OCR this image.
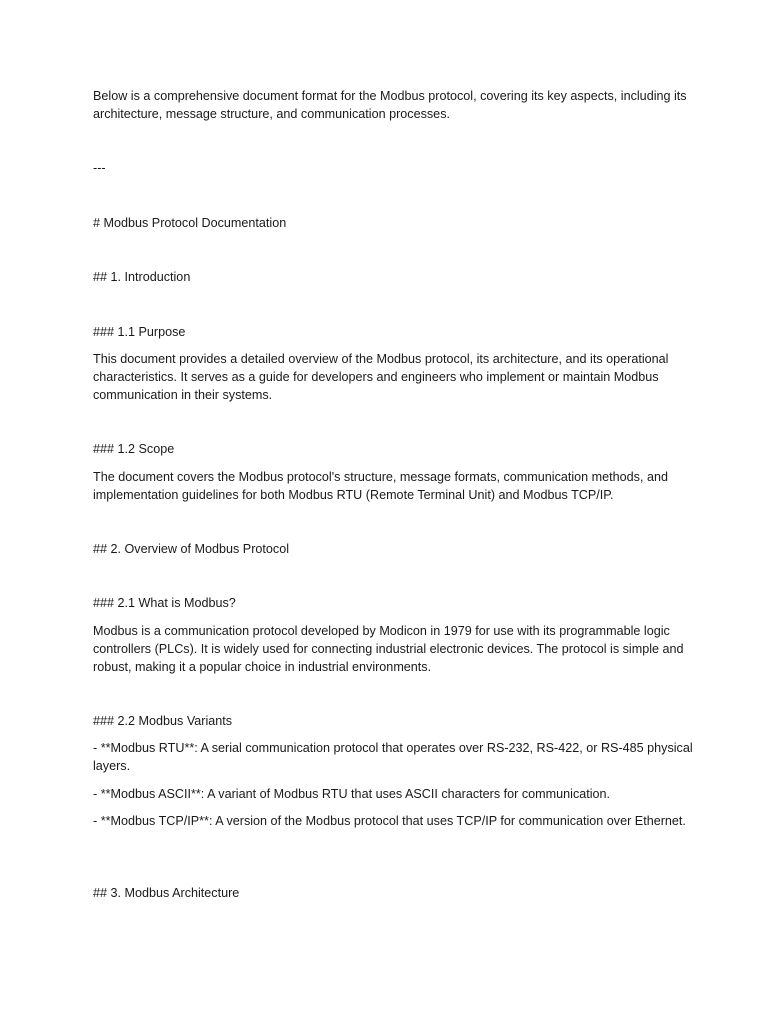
Below is a comprehensive document format for the Modbus protocol, covering its key aspects, including its architecture, message structure, and communication processes.
---
# Modbus Protocol Documentation
## 1. Introduction
### 1.1 Purpose
This document provides a detailed overview of the Modbus protocol, its architecture, and its operational characteristics. It serves as a guide for developers and engineers who implement or maintain Modbus communication in their systems.
### 1.2 Scope
The document covers the Modbus protocol's structure, message formats, communication methods, and implementation guidelines for both Modbus RTU (Remote Terminal Unit) and Modbus TCP/IP.
## 2. Overview of Modbus Protocol
### 2.1 What is Modbus?
Modbus is a communication protocol developed by Modicon in 1979 for use with its programmable logic controllers (PLCs). It is widely used for connecting industrial electronic devices. The protocol is simple and robust, making it a popular choice in industrial environments.
### 2.2 Modbus Variants
- **Modbus RTU**: A serial communication protocol that operates over RS-232, RS-422, or RS-485 physical layers.
- **Modbus ASCII**: A variant of Modbus RTU that uses ASCII characters for communication.
- **Modbus TCP/IP**: A version of the Modbus protocol that uses TCP/IP for communication over Ethernet.
## 3. Modbus Architecture
